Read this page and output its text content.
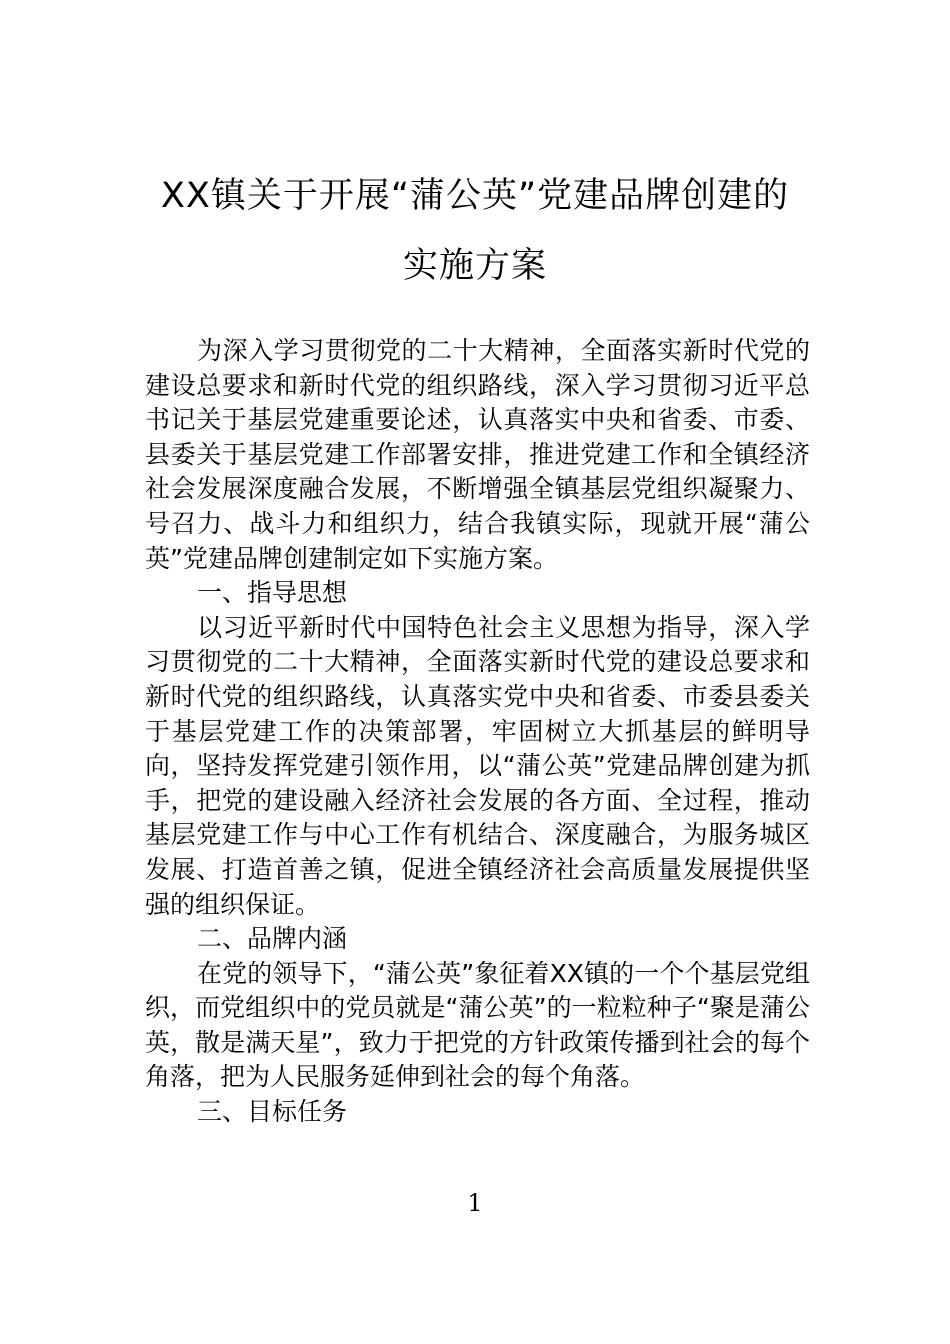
XX镇关于开展“蒲公英”党建品牌创建的
实施方案

为深入学习贯彻党的二十大精神，全面落实新时代党的建设总要求和新时代党的组织路线，深入学习贯彻习近平总书记关于基层党建重要论述，认真落实中央和省委、市委、县委关于基层党建工作部署安排，推进党建工作和全镇经济社会发展深度融合发展，不断增强全镇基层党组织凝聚力、号召力、战斗力和组织力，结合我镇实际，现就开展“蒲公英”党建品牌创建制定如下实施方案。

一、指导思想

以习近平新时代中国特色社会主义思想为指导，深入学习贯彻党的二十大精神，全面落实新时代党的建设总要求和新时代党的组织路线，认真落实党中央和省委、市委县委关于基层党建工作的决策部署，牢固树立大抓基层的鲜明导向，坚持发挥党建引领作用，以“蒲公英”党建品牌创建为抓手，把党的建设融入经济社会发展的各方面、全过程，推动基层党建工作与中心工作有机结合、深度融合，为服务城区发展、打造首善之镇，促进全镇经济社会高质量发展提供坚强的组织保证。

二、品牌内涵

在党的领导下，“蒲公英”象征着XX镇的一个个基层党组织，而党组织中的党员就是“蒲公英”的一粒粒种子“聚是蒲公英，散是满天星”，致力于把党的方针政策传播到社会的每个角落，把为人民服务延伸到社会的每个角落。

三、目标任务

1
